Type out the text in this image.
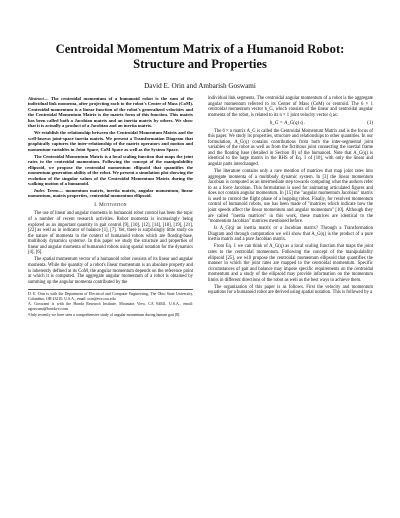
Centroidal Momentum Matrix of a Humanoid Robot:
Structure and Properties
David E. Orin and Ambarish Goswami

Abstract— The centroidal momentum of a humanoid robot is the sum of the individual link momenta, after projecting each to the robot's Center of Mass (CoM). Centroidal momentum is a linear function of the robot's generalized velocities and the Centroidal Momentum Matrix is the matrix form of this function. This matrix has been called both a Jacobian matrix and an inertia matrix by others. We show that it is actually a product of a Jacobian and an inertia matrix.

We establish the relationship between the Centroidal Momentum Matrix and the well-known joint-space inertia matrix. We present a Transformation Diagram that graphically captures the inter-relationship of the matrix operators and motion and momentum variables in Joint Space, CoM Space as well as the System Space.

The Centroidal Momentum Matrix is a local scaling function that maps the joint rates to the centroidal momentum. Following the concept of the manipulability ellipsoid, we propose the centroidal momentum ellipsoid that quantifies the momentum generation ability of the robot. We present a simulation plot showing the evolution of the singular values of the Centroidal Momentum Matrix during the walking motion of a humanoid.

Index Terms— momentum matrix, inertia matrix, angular momentum, linear momentum, matrix properties, centroidal momentum ellipsoid.

I. Motivation

The use of linear and angular momenta in humanoid robot control has been the topic of a number of recent research activities. Robot momenta is increasingly being explored as an important quantity in gait control [9], [10], [12], [14], [18], [19], [21], [22] as well as in indicator of balance [1], [7]. Yet, there is surprisingly little study on the nature of momenta in the context of humanoid robots which are floating-base, multibody dynamics systems¹. In this paper we study the structure and properties of linear and angular momenta of humanoid robots using spatial notation for the dynamics [4], [6].

The spatial momentum vector of a humanoid robot consists of its linear and angular momenta. While the quantity of a robot's linear momentum is an absolute property and is inherently defined at its CoM, the angular momentum depends on the reference point at which it is computed. The aggregate angular momentum of a robot is obtained by summing up the angular momenta contributed by the

D. E. Orin is with the Department of Electrical and Computer Engineering, The Ohio State University, Columbus, OH 43210, U.S.A., email: orin@ece.osu.edu

A. Goswami is with the Honda Research Institute, Mountain View, CA 94041, U.S.A., email: agoswami@honda-ri.com

¹Only recently we have seen a comprehensive study of angular momentum during human gait [8].

individual link segments. The centroidal angular momentum of a robot is the aggregate angular momentum referred to its Center of Mass (CoM) or centroid. The 6 × 1 centroidal momentum vector h_G, which consists of the linear and centroidal angular momenta of the robot, is related to its n × 1 joint velocity vector q̇ as:

h_G = A_G(q) q̇ .	(1)

The 6 × n matrix A_G is called the Centroidal Momentum Matrix and is the focus of this paper. We study its properties, structure and relationships to other quantities. In our formulation, A_G(q) contains contributions from both the inter-segmental joint variables of the robot as well as from the fictitious joint connecting the inertial frame and the floating base (detailed in Section II) of the humanoid. Note that A_G(q) is identical to the large matrix in the RHS of Eq. 1 of [10], with only the linear and angular parts interchanged.

The literature contains only a rare mention of matrices that map joint rates into aggregate momenta of a multibody dynamic system. In [3] the linear momentum Jacobian is computed as an intermediate step towards computing what the authors refer to as a force Jacobian. This formulation is used for animating articulated figures and does not contain angular momentum. In [15] the "angular momentum Jacobian" matrix is used to control the flight phase of a hopping robot. Finally, for resolved momentum control of humanoid robots, use has been made of "matrices which indicate how the joint speeds affect the linear momentum and angular momentum" [10]. Although they are called "inertia matrices" in this work, these matrices are identical to the "momentum Jacobian" matrices mentioned before.

Is A_G(q) an inertia matrix or a Jacobian matrix? Through a Transformation Diagram and through computation we will show that A_G(q) is the product of a pure inertia matrix and a pure Jacobian matrix.

From Eq. 1 we can think of A_G(q) as a local scaling function that maps the joint rates to the centroidal momentum. Following the concept of the manipulability ellipsoid [25], we will propose the centroidal momentum ellipsoid that quantifies the manner in which the joint rates are mapped to the centroidal momentum. Specific circumstances of gait and balance may impose specific requirements on the centroidal momentum and a study of the ellipsoid may provide information on the momentum limits in different directions of the robot as well as the best ways to achieve them.

The organization of this paper is as follows. First the velocity and momentum equations for a humanoid robot are derived using spatial notation. This is followed by a
